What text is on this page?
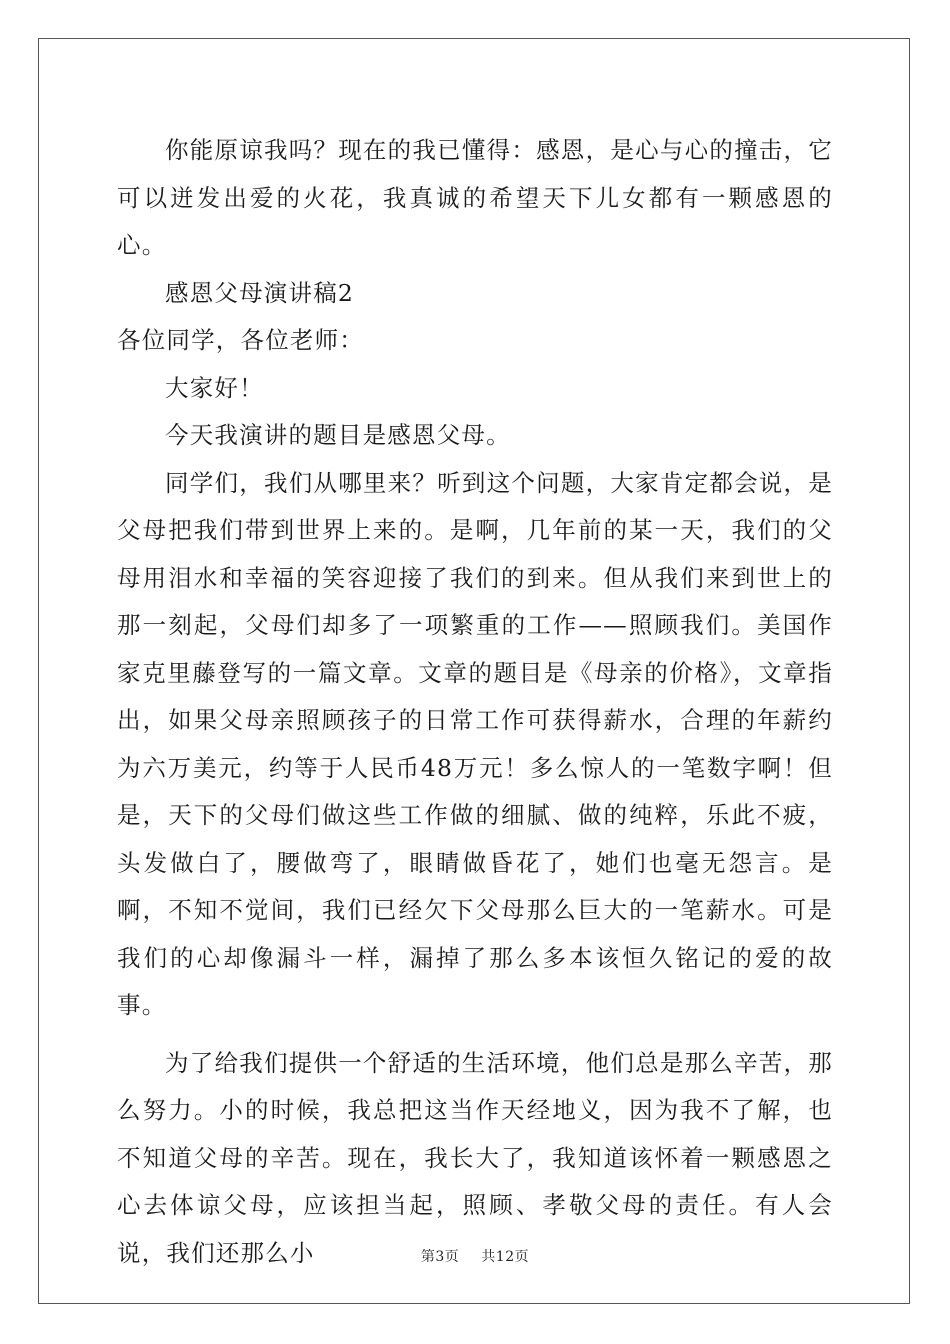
你能原谅我吗？现在的我已懂得：感恩，是心与心的撞击，它可以迸发出爱的火花，我真诚的希望天下儿女都有一颗感恩的心。

感恩父母演讲稿2

各位同学，各位老师：

大家好！

今天我演讲的题目是感恩父母。

同学们，我们从哪里来？听到这个问题，大家肯定都会说，是父母把我们带到世界上来的。是啊，几年前的某一天，我们的父母用泪水和幸福的笑容迎接了我们的到来。但从我们来到世上的那一刻起，父母们却多了一项繁重的工作——照顾我们。美国作家克里藤登写的一篇文章。文章的题目是《母亲的价格》，文章指出，如果父母亲照顾孩子的日常工作可获得薪水，合理的年薪约为六万美元，约等于人民币48万元！多么惊人的一笔数字啊！但是，天下的父母们做这些工作做的细腻、做的纯粹，乐此不疲，头发做白了，腰做弯了，眼睛做昏花了，她们也毫无怨言。是啊，不知不觉间，我们已经欠下父母那么巨大的一笔薪水。可是我们的心却像漏斗一样，漏掉了那么多本该恒久铭记的爱的故事。

为了给我们提供一个舒适的生活环境，他们总是那么辛苦，那么努力。小的时候，我总把这当作天经地义，因为我不了解，也不知道父母的辛苦。现在，我长大了，我知道该怀着一颗感恩之心去体谅父母，应该担当起，照顾、孝敬父母的责任。有人会说，我们还那么小	第3页 共12页
